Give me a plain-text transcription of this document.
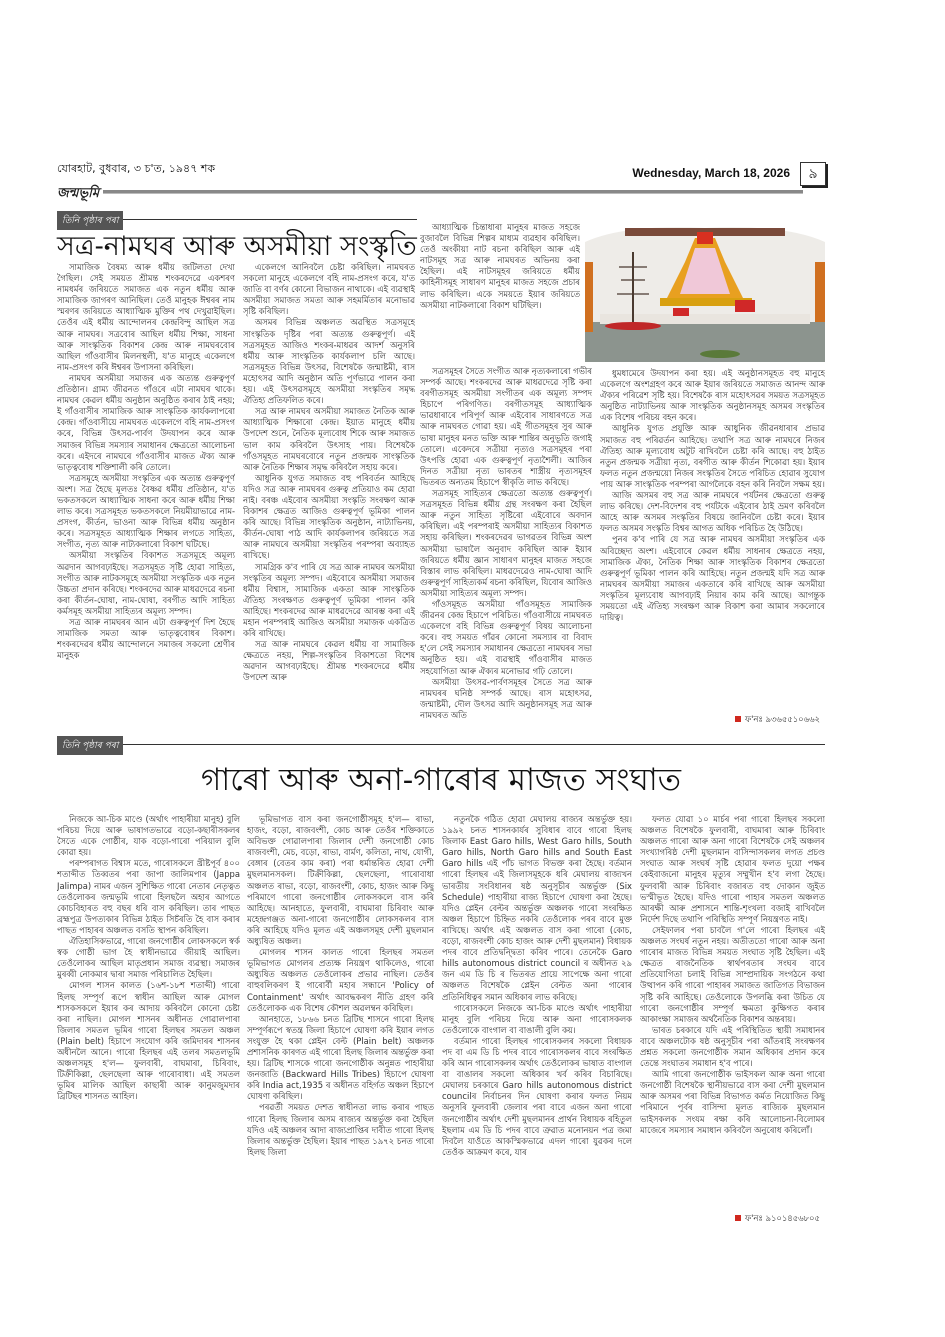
যোৰহাট, বুধবাৰ, ৩ চ'ত, ১৯৪৭ শক
জন্মভূমি
Wednesday, March 18, 2026	৯
তিনি পৃষ্ঠাৰ পৰা
সত্ৰ-নামঘৰ আৰু অসমীয়া সংস্কৃতি

সামাজিক বৈষম্য আৰু ধৰ্মীয় জটিলতা দেখা গৈছিল। সেই সময়ত শ্ৰীমন্ত শংকৰদেৱে একশৰণ নামধৰ্মৰ জৰিয়তে সমাজত এক নতুন ধৰ্মীয় আৰু সামাজিক জাগৰণ আনিছিল। তেওঁ মানুহক ঈশ্বৰৰ নাম স্মৰণৰ জৰিয়তে আধ্যাত্মিক মুক্তিৰ পথ দেখুৱাইছিল। তেওঁৰ এই ধৰ্মীয় আন্দোলনৰ কেন্দ্ৰবিন্দু আছিল সত্ৰ আৰু নামঘৰ। সত্ৰবোৰ আছিল ধৰ্মীয় শিক্ষা, সাধনা আৰু সাংস্কৃতিক বিকাশৰ কেন্দ্ৰ আৰু নামঘৰবোৰ আছিল গাঁওবাসীৰ মিলনস্থলী, য'ত মানুহে একেলগে নাম-প্ৰসংগ কৰি ঈশ্বৰৰ উপাসনা কৰিছিল।

নামঘৰ অসমীয়া সমাজৰ এক অত্যন্ত গুৰুত্বপূৰ্ণ প্ৰতিষ্ঠান। গ্ৰাম্য জীৱনত গাঁওৰে এটা নামঘৰ থাকে। নামঘৰ কেৱল ধৰ্মীয় অনুষ্ঠান অনুষ্ঠিত কৰাৰ ঠাই নহয়; ই গাঁওবাসীৰ সামাজিক আৰু সাংস্কৃতিক কাৰ্যকলাপৰো কেন্দ্ৰ। গাঁওবাসীয়ে নামঘৰত একেলগে বহি নাম-প্ৰসংগ কৰে, বিভিন্ন উৎসৱ-পাৰ্বণ উদযাপন কৰে আৰু সমাজৰ বিভিন্ন সমস্যাৰ সমাধানৰ ক্ষেত্ৰতো আলোচনা কৰে। এইদৰে নামঘৰে গাঁওবাসীৰ মাজত ঐক্য আৰু ভাতৃত্ববোধ শক্তিশালী কৰি তোলে।

সত্ৰসমূহে অসমীয়া সংস্কৃতিৰ এক অত্যন্ত গুৰুত্বপূৰ্ণ অংশ। সত্ৰ হৈছে মূলতঃ বৈষ্ণৱ ধৰ্মীয় প্ৰতিষ্ঠান, য'ত ভকতসকলে আধ্যাত্মিক সাধনা কৰে আৰু ধৰ্মীয় শিক্ষা লাভ কৰে। সত্ৰসমূহত ভকতসকলে নিয়মীয়াভাৱে নাম-প্ৰসংগ, কীৰ্তন, ভাওনা আৰু বিভিন্ন ধৰ্মীয় অনুষ্ঠান কৰে। সত্ৰসমূহত আধ্যাত্মিক শিক্ষাৰ লগতে সাহিত্য, সংগীত, নৃত্য আৰু নাট্যকলাৰো বিকাশ ঘটিছে।

অসমীয়া সংস্কৃতিৰ বিকাশত সত্ৰসমূহে অমূল্য অৱদান আগবঢ়াইছে। সত্ৰসমূহত সৃষ্টি হোৱা সাহিত্য, সংগীত আৰু নাটকসমূহে অসমীয়া সংস্কৃতিক এক নতুন উচ্চতা প্ৰদান কৰিছে। শংকৰদেৱ আৰু মাধৱদেৱে ৰচনা কৰা কীৰ্তন-ঘোষা, নাম-ঘোষা, বৰগীত আদি সাহিত্য কৰ্মসমূহ অসমীয়া সাহিত্যৰ অমূল্য সম্পদ।

সত্ৰ আৰু নামঘৰৰ আন এটা গুৰুত্বপূৰ্ণ দিশ হৈছে সামাজিক সমতা আৰু ভাতৃত্ববোধৰ বিকাশ। শংকৰদেৱৰ ধৰ্মীয় আন্দোলনে সমাজৰ সকলো শ্ৰেণীৰ মানুহক

একেলগে আনিবলৈ চেষ্টা কৰিছিল। নামঘৰত সকলো মানুহে একেলগে বহি নাম-প্ৰসংগ কৰে, য'ত জাতি বা বৰ্ণৰ কোনো বিভাজন নাথাকে। এই ব্যৱস্থাই অসমীয়া সমাজত সমতা আৰু সহমৰ্মিতাৰ মনোভাৱ সৃষ্টি কৰিছিল।

অসমৰ বিভিন্ন অঞ্চলত অৱস্থিত সত্ৰসমূহে সাংস্কৃতিক দৃষ্টিৰ পৰা অত্যন্ত গুৰুত্বপূৰ্ণ। এই সত্ৰসমূহত আজিও শংকৰ-মাধৱৰ আদৰ্শ অনুসৰি ধৰ্মীয় আৰু সাংস্কৃতিক কাৰ্যকলাপ চলি আছে। সত্ৰসমূহত বিভিন্ন উৎসৱ, বিশেষকৈ জন্মাষ্টমী, ৰাস মহোৎসৱ আদি অনুষ্ঠান অতি পূৰ্ণভাৱে পালন কৰা হয়। এই উৎসৱসমূহে অসমীয়া সংস্কৃতিৰ সমৃদ্ধ ঐতিহ্য প্ৰতিফলিত কৰে।

সত্ৰ আৰু নামঘৰ অসমীয়া সমাজত নৈতিক আৰু আধ্যাত্মিক শিক্ষাৰো কেন্দ্ৰ। ইয়াত মানুহে ধৰ্মীয় উপদেশ শুনে, নৈতিক মূল্যবোধ শিকে আৰু সমাজত ভাল কাম কৰিবলৈ উৎসাহ পায়। বিশেষকৈ গাঁওসমূহত নামঘৰবোৰে নতুন প্ৰজন্মক সাংস্কৃতিক আৰু নৈতিক শিক্ষাৰ সমৃদ্ধ কৰিবলৈ সহায় কৰে।

আধুনিক যুগত সমাজত বহু পৰিবৰ্তন আহিছে যদিও সত্ৰ আৰু নামঘৰৰ গুৰুত্ব প্ৰতিয়াও কম হোৱা নাই। বৰঞ্চ এইবোৰ অসমীয়া সংস্কৃতি সংৰক্ষণ আৰু বিকাশৰ ক্ষেত্ৰত আজিও গুৰুত্বপূৰ্ণ ভূমিকা পালন কৰি আছে। বিভিন্ন সাংস্কৃতিক অনুষ্ঠান, নাট্যাভিনয়, কীৰ্তন-ঘোষা পাঠ আদি কাৰ্যকলাপৰ জৰিয়তে সত্ৰ আৰু নামঘৰে অসমীয়া সংস্কৃতিৰ পৰম্পৰা অব্যাহত ৰাখিছে।

সামগ্ৰিক ক'ব পাৰি যে সত্ৰ আৰু নামঘৰ অসমীয়া সংস্কৃতিৰ অমূল্য সম্পদ। এইবোৰে অসমীয়া সমাজৰ ধৰ্মীয় বিশ্বাস, সামাজিক একতা আৰু সাংস্কৃতিক ঐতিহ্য সংৰক্ষণত গুৰুত্বপূৰ্ণ ভূমিকা পালন কৰি আহিছে। শংকৰদেৱ আৰু মাধৱদেৱে আৰম্ভ কৰা এই মহান পৰম্পৰাই আজিও অসমীয়া সমাজক একত্ৰিত কৰি ৰাখিছে।

সত্ৰ আৰু নামঘৰে কেৱল ধৰ্মীয় বা সামাজিক ক্ষেত্ৰতে নহয়, শিল্প-সংস্কৃতিৰ বিকাশতো বিশেষ অৱদান আগবঢ়াইছে। শ্ৰীমন্ত শংকৰদেৱে ধৰ্মীয় উপদেশ আৰু

আধ্যাত্মিক চিন্তাধাৰা মানুহৰ মাজত সহজে বুজাবলৈ বিভিন্ন শিল্পৰ মাধ্যম ব্যৱহাৰ কৰিছিল। তেওঁ অংকীয়া নাট ৰচনা কৰিছিল আৰু এই নাটসমূহ সত্ৰ আৰু নামঘৰত অভিনয় কৰা হৈছিল। এই নাটসমূহৰ জৰিয়তে ধৰ্মীয় কাহিনীসমূহ সাধাৰণ মানুহৰ মাজত সহজে প্ৰচাৰ লাভ কৰিছিল। একে সময়তে ইয়াৰ জৰিয়তে অসমীয়া নাটকলাৰো বিকাশ ঘটিছিল।

সত্ৰসমূহৰ সৈতে সংগীত আৰু নৃত্যকলাৰো গভীৰ সম্পৰ্ক আছে। শংকৰদেৱ আৰু মাধৱদেৱে সৃষ্টি কৰা বৰগীতসমূহ অসমীয়া সংগীতৰ এক অমূল্য সম্পদ হিচাপে পৰিগণিত। বৰগীতসমূহ আধ্যাত্মিক ভাৱধাৰাৰে পৰিপূৰ্ণ আৰু এইবোৰ সাধাৰণতে সত্ৰ আৰু নামঘৰত গোৱা হয়। এই গীতসমূহৰ সুৰ আৰু ভাষা মানুহৰ মনত ভক্তি আৰু শান্তিৰ অনুভূতি জগাই তোলে। একেদৰে সত্ৰীয়া নৃত্যও সত্ৰসমূহৰ পৰা উৎপত্তি হোৱা এক গুৰুত্বপূৰ্ণ নৃত্যশৈলী। আজিৰ দিনত সত্ৰীয়া নৃত্য ভাৰতৰ শাস্ত্ৰীয় নৃত্যসমূহৰ ভিতৰত অন্যতম হিচাপে স্বীকৃতি লাভ কৰিছে।

সত্ৰসমূহ সাহিত্যৰ ক্ষেত্ৰতো অত্যন্ত গুৰুত্বপূৰ্ণ। সত্ৰসমূহত বিভিন্ন ধৰ্মীয় গ্ৰন্থ সংৰক্ষণ কৰা হৈছিল আৰু নতুন সাহিত্য সৃষ্টিৰো এইবোৰে অবদান কৰিছিল। এই পৰম্পৰাই অসমীয়া সাহিত্যৰ বিকাশত সহায় কৰিছিল। শংকৰদেৱৰ ভাগৱতৰ বিভিন্ন অংশ অসমীয়া ভাষালৈ অনুবাদ কৰিছিল আৰু ইয়াৰ জৰিয়তে ধৰ্মীয় জ্ঞান সাধাৰণ মানুহৰ মাজত সহজে বিস্তাৰ লাভ কৰিছিল। মাধৱদেৱেও নাম-ঘোষা আদি গুৰুত্বপূৰ্ণ সাহিত্যকৰ্ম ৰচনা কৰিছিল, যিবোৰ আজিও অসমীয়া সাহিত্যৰ অমূল্য সম্পদ।

গাঁওসমূহত অসমীয়া গাঁওসমূহত সামাজিক জীৱনৰ কেন্দ্ৰ হিচাপে পৰিচিত। গাঁওবাসীয়ে নামঘৰত একেলগে বহি বিভিন্ন গুৰুত্বপূৰ্ণ বিষয় আলোচনা কৰে। বহু সময়ত গাঁৱৰ কোনো সমস্যাৰ বা বিবাদ হ'লে সেই সমস্যাৰ সমাধানৰ ক্ষেত্ৰতো নামঘৰৰ সভা অনুষ্ঠিত হয়। এই ব্যৱস্থাই গাঁওবাসীৰ মাজত সহযোগিতা আৰু ঐক্যৰ মনোভাৱ গঢ়ি তোলে।

অসমীয়া উৎসৱ-পাৰ্বণসমূহৰ সৈতে সত্ৰ আৰু নামঘৰৰ ঘনিষ্ঠ সম্পৰ্ক আছে। ৰাস মহোৎসৱ, জন্মাষ্টমী, দৌল উৎসৱ আদি অনুষ্ঠানসমূহ সত্ৰ আৰু নামঘৰত অতি

ধুমধামেৰে উদযাপন কৰা হয়। এই অনুষ্ঠানসমূহত বহু মানুহে একেলগে অংশগ্ৰহণ কৰে আৰু ইয়াৰ জৰিয়তে সমাজত আনন্দ আৰু ঐক্যৰ পৰিৱেশ সৃষ্টি হয়। বিশেষকৈ ৰাস মহোৎসৱৰ সময়ত সত্ৰসমূহত অনুষ্ঠিত নাট্যাভিনয় আৰু সাংস্কৃতিক অনুষ্ঠানসমূহ অসমৰ সংস্কৃতিৰ এক বিশেষ পৰিচয় বহন কৰে।

আধুনিক যুগত প্ৰযুক্তি আৰু আধুনিক জীৱনধাৰাৰ প্ৰভাৱ সমাজত বহু পৰিৱৰ্তন আহিছে। তথাপি সত্ৰ আৰু নামঘৰে নিজৰ ঐতিহ্য আৰু মূল্যবোধ অটুট ৰাখিবলৈ চেষ্টা কৰি আছে। বহু ঠাইত নতুন প্ৰজন্মক সত্ৰীয়া নৃত্য, বৰগীত আৰু কীৰ্তন শিকোৱা হয়। ইয়াৰ ফলত নতুন প্ৰজন্ময়ো নিজৰ সংস্কৃতিৰ সৈতে পৰিচিত হোৱাৰ সুযোগ পায় আৰু সাংস্কৃতিক পৰম্পৰা আগলৈকে বহন কৰি নিবলৈ সক্ষম হয়।

আজি অসমৰ বহু সত্ৰ আৰু নামঘৰে পৰ্যটনৰ ক্ষেত্ৰতো গুৰুত্ব লাভ কৰিছে। দেশ-বিদেশৰ বহু পৰ্যটকে এইবোৰ ঠাই ভ্ৰমণ কৰিবলৈ আহে আৰু অসমৰ সংস্কৃতিৰ বিষয়ে জানিবলৈ চেষ্টা কৰে। ইয়াৰ ফলত অসমৰ সংস্কৃতি বিশ্বৰ আগত অধিক পৰিচিত হৈ উঠিছে।

পুনৰ ক'ব পাৰি যে সত্ৰ আৰু নামঘৰ অসমীয়া সংস্কৃতিৰ এক অবিচ্ছেদ্য অংশ। এইবোৰে কেৱল ধৰ্মীয় সাধনাৰ ক্ষেত্ৰতে নহয়, সামাজিক ঐক্য, নৈতিক শিক্ষা আৰু সাংস্কৃতিক বিকাশৰ ক্ষেত্ৰতো গুৰুত্বপূৰ্ণ ভূমিকা পালন কৰি আহিছে। নতুন প্ৰজন্মই যদি সত্ৰ আৰু নামঘৰৰ অসমীয়া সমাজৰ একতাৰে কৰি ৰাখিছে আৰু অসমীয়া সংস্কৃতিৰ মূল্যবোধ আগবঢ়াই নিয়াৰ কাম কৰি আছে। আগন্তুক সময়তো এই ঐতিহ্য সংৰক্ষণ আৰু বিকাশ কৰা আমাৰ সকলোৰে দায়িত্ব।

ফ'নঃ ৯৩৬৫৫১০৬৬২
তিনি পৃষ্ঠাৰ পৰা
গাৰো আৰু অনা-গাৰোৰ মাজত সংঘাত

নিজকে আ-চিক মাণ্ডে (অৰ্থাৎ পাহাৰীয়া মানুহ) বুলি পৰিচয় দিয়ে আৰু ভাষাগতভাৱে বড়ো-কছাৰীসকলৰ সৈতে একে গোষ্ঠীৰ, যাক বড়ো-গাৰো পৰিয়াল বুলি কোৱা হয়।

পৰম্পৰাগত বিশ্বাস মতে, গাৰোসকলে খ্ৰীষ্টপূৰ্ব ৪০০ শতাব্দীত তিব্বতৰ পৰা জাপা জালিমপাৰ (Jappa Jalimpa) নামৰ এজন সুশিক্ষিত গাৰো নেতাৰ নেতৃত্বত তেওঁলোকৰ জন্মভূমি গাৰো হিলছলৈ অহাৰ আগতে কোচবিহাৰত বহু বছৰ ধৰি বাস কৰিছিল। তাৰ পাছত ব্ৰহ্মপুত্ৰ উপত্যকাৰ বিভিন্ন ঠাইত সিচঁৰতি হৈ বাস কৰাৰ পাছত পাহাৰৰ অঞ্চলত বসতি স্থাপন কৰিছিল।

ঐতিহাসিকভাৱে, গাৰো জনগোষ্ঠীৰ লোকসকলে স্বৰ্ক স্বক গোষ্ঠী ভাগ হৈ স্বাধীনভাৱে জীয়াই আছিল। তেওঁলোকৰ আছিল মাতৃপ্ৰধান সমাজ ব্যৱস্থা। সমাজৰ মুৰব্বী নোকমাৰ দ্বাৰা সমাজ পৰিচালিত হৈছিল।

মোগল শাসন কালত (১৬শ-১৮শ শতাব্দী) গাৰো হিলছ সম্পূৰ্ণ ৰূপে স্বাধীন আছিল আৰু মোগল শাসকসকলে ইয়াৰ কৰ আদায় কৰিবলৈ কোনো চেষ্টা কৰা নাছিল। মোগল শাসনৰ অধীনত গোৱালপাৰা জিলাৰ সমতল ভূমিৰ গাৰো হিলছৰ সমতল অঞ্চল (Plain belt) হিচাপে সংযোগ কৰি জমিদাৰৰ শাসনৰ অধীনলৈ আনে। গাৰো হিলছৰ এই তলৰ সমতলভূমি অঞ্চলসমূহ হ'ল— ফুলবাৰী, বাঘমাৰা, চিৰিবাং, টিক্ৰীকিল্লা, ছেলছেলা আৰু গাৰোবাধা। এই সমতল ভূমিৰ মালিক আছিল কাছাৰী আৰু কানুমজুমদাৰ ব্ৰিটিছৰ শাসনত আহিল।

ভূমিভাগত বাস কৰা জনগোষ্ঠীসমূহ হ'ল— ৰাভা, হাজং, বড়ো, ৰাজবংশী, কোচ আৰু তেওঁৰ শক্তিকাতে অবিভক্ত গোৱালপাৰা জিলাৰ দেশী জনগোষ্ঠী কোচ ৰাজবংশী, মেচ, বড়ো, ৰাভা, বাৰ্মণ, কলিতা, নাথ, যোগী, বেঙ্গাৰ (বেতৰ কাম কৰা) পৰা ধৰ্মান্তৰিত হোৱা দেশী মুছলমানসকল। টিক্ৰীকিল্লা, ছেলছেলা, গাৰোবাধা অঞ্চলত ৰাভা, বড়ো, ৰাজবংশী, কোচ, হাজং আৰু কিছু পৰিমাণে গাৰো জনগোষ্ঠীৰ লোকসকলে বাস কৰি আহিছে। আনহাতে, ফুলবাৰী, বাঘমাৰা চিৰিবাং আৰু মহেন্দ্ৰগঞ্জত অনা-গাৰো জনগোষ্ঠীৰ লোকসকলৰ বাস কৰি আহিছে যদিও মূলত এই অঞ্চলসমূহ দেশী মুছলমান অধ্যুষিত অঞ্চল।

মোগলৰ শাসন কালত গাৰো হিলছৰ সমতল ভূমিভাগত মোগলৰ প্ৰত্যক্ষ নিয়ন্ত্ৰণ থাকিলেও, গাৰো অধ্যুষিত অঞ্চলত তেওঁলোকৰ প্ৰভাৱ নাছিল। তেওঁৰ বাহুবলিকৰণ ই গাৰোৰ্বী মহাৰ সন্ধানে 'Policy of Containment' অৰ্থাৎ আবদ্ধকৰণ নীতি গ্ৰহণ কৰি তেওঁলোকক এক বিশেষ কৌশল অৱলম্বন কৰিছিল।

আনহাতে, ১৮৬৬ চনত ব্ৰিটিছ শাসনে গাৰো হিলছ সম্পূৰ্ণৰূপে স্বতন্ত্ৰ জিলা হিচাপে ঘোষণা কৰি ইয়াৰ লগত সংযুক্ত হৈ থকা প্লেইন বেল্ট (Plain belt) অঞ্চলক প্ৰশাসনিক কাৰণত এই গাৰো হিলছ জিলাৰ অন্তৰ্ভুক্ত কৰা হয়। ব্ৰিটিছ শাসকে গাৰো জনগোষ্ঠীক অনুন্নত পাহাৰীয়া জনজাতি (Backward Hills Tribes) হিচাপে ঘোষণা কৰি India act,1935 ৰ অধীনত বহিৰ্গত অঞ্চল হিচাপে ঘোষণা কৰিছিল।

পৰৱৰ্তী সময়ত দেশত স্বাধীনতা লাভ কৰাৰ পাছত গাৰো হিলছ জিলাৰ অসম ৰাজ্যৰ অন্তৰ্ভুক্ত কৰা হৈছিল যদিও এই অঞ্চলৰ আদা ৰাজ্যপ্ৰাপ্তিৰ দাবীত গাৰো হিলছ জিলাৰ অন্তৰ্ভুক্ত হৈছিল। ইয়াৰ পাছত ১৯৭২ চনত গাৰো হিলছ জিলা

নতুনকৈ গঠিত হোৱা মেঘালয় ৰাজ্যৰ অন্তৰ্ভুক্ত হয়। ১৯৯২ চনত শাসনকাৰ্যৰ সুবিধাৰ বাবে গাৰো হিলছ জিলাক East Garo hills, West Garo hills, South Garo hills, North Garo hills and South East Garo hills এই পাঁচ ভাগত বিভক্ত কৰা হৈছে। বৰ্তমান গাৰো হিলছৰ এই জিলাসমূহকে ধৰি মেঘালয় ৰাজ্যখন ভাৰতীয় সংবিধানৰ ষষ্ঠ অনুসূচীৰ অন্তৰ্ভুক্ত (Six Schedule) পাহাৰীয়া ৰাজ্য হিচাপে ঘোষণা কৰা হৈছে। যদিও প্লেইন বেল্টৰ অন্তৰ্ভুক্ত অঞ্চলক গাৰো সংৰক্ষিত অঞ্চল হিচাপে চিহ্নিত নকৰি তেওঁলোক পৰৰ বাবে মুক্ত ৰাখিছে। অৰ্থাৎ এই অঞ্চলত বাস কৰা গাৰো (কোচ, বড়ো, ৰাজবংশী কোচ হাজং আৰু দেশী মুছলমান) বিধায়ক পদৰ বাবে প্ৰতিদ্বন্দ্বিতা কৰিব পাৰে। তেনেকৈ Garo hills autonomous district council ৰ অধীনত ২৯ জন এম ডি চি ৰ ভিতৰত প্ৰায়ে সাপেক্ষে অনা গাৰো অঞ্চলত বিশেষকৈ প্লেইন বেল্টত অনা গাৰোৰ প্ৰতিনিধিত্বৰ সমান অধিকাৰ লাভ কৰিছে।

গাৰোসকলে নিজকে আ-চিক মাণ্ডে অৰ্থাৎ পাহাৰীয়া মানুহ বুলি পৰিচয় দিয়ে আৰু অনা গাৰোসকলক তেওঁলোকে বাংগাল বা বাঙালী বুলি কয়।

বৰ্তমান গাৰো হিলছৰ গাৰোসকলৰ সকলো বিধায়ক পদ বা এম ডি চি পদৰ বাবে গাৰোসকলৰ বাবে সংৰক্ষিত কৰি আন গাৰোসকলৰ অৰ্থাৎ তেওঁলোকৰ ভাষাত বাংগাল বা বাঙালৰ সকলো অধিকাৰ খৰ্ব কৰিব বিচাৰিছে। মেঘালয় চৰকাৰে Garo hills autonomous district councilৰ নিৰ্বাচনৰ দিন ঘোষণা কৰাৰ ফলত নিয়ম অনুসৰি ফুলবাৰী জেলাৰ পৰা বাবে এজন অনা গাৰো জনগোষ্ঠীৰ অৰ্থাৎ দেশী মুছলমানৰ প্ৰাৰ্থন বিধায়ক ৰহিতুল ইছলাম এম ডি চি পদৰ বাবে ত্ৰুৱাত মনোনয়ন পত্ৰ জমা দিবলৈ যাওঁতে আকস্মিকভাৱে এদল গাৰো যুৱকৰ দলে তেওঁক আক্ৰমণ কৰে, যাৰ

ফলত যোৱা ১০ মাৰ্চৰ পৰা গাৰো হিলছৰ সকলো অঞ্চলত বিশেষকৈ ফুলবাৰী, বাঘমাৰা আৰু চিৰিবাং অঞ্চলত গাৰো আৰু অনা গাৰো বিশেষকৈ সেই অঞ্চলৰ সংখ্যাগৰিষ্ঠ দেশী মুছলমান বাসিন্দাসকলৰ লগত প্ৰচণ্ড সংঘাত আৰু সংঘৰ্ষ সৃষ্টি হোৱাৰ ফলত দুয়ো পক্ষৰ কেইবাজনো মানুহৰ মৃত্যুৰ সম্মুখীন হ'ব লগা হৈছে। ফুলবাৰী আৰু চিৰিবাং বজাৰত বহু দোকান জুইত ভস্মীভূত হৈছে। যদিও গাৰো পাহাৰ সমতল অঞ্চলত আৰক্ষী আৰু প্ৰশাসনে শান্তি-শৃংখলা বজাই ৰাখিবলৈ নিৰ্দেশ দিছে তথাপি পৰিস্থিতি সম্পূৰ্ণ নিয়ন্ত্ৰণত নাই।

সেইফালৰ পৰা চাবলৈ গ'লে গাৰো হিলছৰ এই অঞ্চলত সংঘৰ্ষ নতুন নহয়। অতীততো গাৰো আৰু অনা গাৰোৰ মাজত বিভিন্ন সময়ত সংঘাত সৃষ্টি হৈছিল। এই ক্ষেত্ৰত ৰাজনৈতিক স্বাৰ্থপৰতাৰ সংঘৰ বাবে প্ৰতিযোগিতা চলাই বিভিন্ন সাম্প্ৰদায়িক সংগঠনে কথা উত্থাপন কৰি গাৰো পাহাৰৰ সমাজত জাতিগত বিভাজন সৃষ্টি কৰি আহিছে। তেওঁলোকে উপলব্ধি কৰা উচিত যে গাৰো জনগোষ্ঠীৰ সম্পূৰ্ণ ক্ষমতা কুক্ষিগত কৰাৰ আকাংক্ষা সমাজৰ অৰ্থনৈতিক বিকাশৰ অন্তৰায়।

ভাৰত চৰকাৰে যদি এই পৰিস্থিতিত স্থায়ী সমাধানৰ বাবে অঞ্চলটোক ষষ্ঠ অনুসূচীৰ পৰা আঁতৰাই সংৰক্ষণৰ প্ৰশ্নত সকলো জনগোষ্ঠীক সমান অধিকাৰ প্ৰদান কৰে তেন্তে সংঘাতৰ সমাধান হ'ব পাৰে।

আমি গাৰো জনগোষ্ঠীক ভাইসকল আৰু অনা গাৰো জনগোষ্ঠী বিশেষকৈ স্থানীয়ভাৱে বাস কৰা দেশী মুছলমান আৰু অসমৰ পৰা বিভিন্ন বিভাগত কৰ্মত নিয়োজিত কিছু পৰিমানে পূৰ্বৰ বাসিন্দা মূলত ৰাজ্যিক মুছলমান ভাইসকলক সংযম ৰক্ষা কৰি আলোচনা-বিলোমৰ মাজেৰে সমস্যাৰ সমাধান কৰিবলৈ অনুৰোধ কৰিলোঁ।

ফ'নঃ ৯১০১৪৫৬৮০৫
